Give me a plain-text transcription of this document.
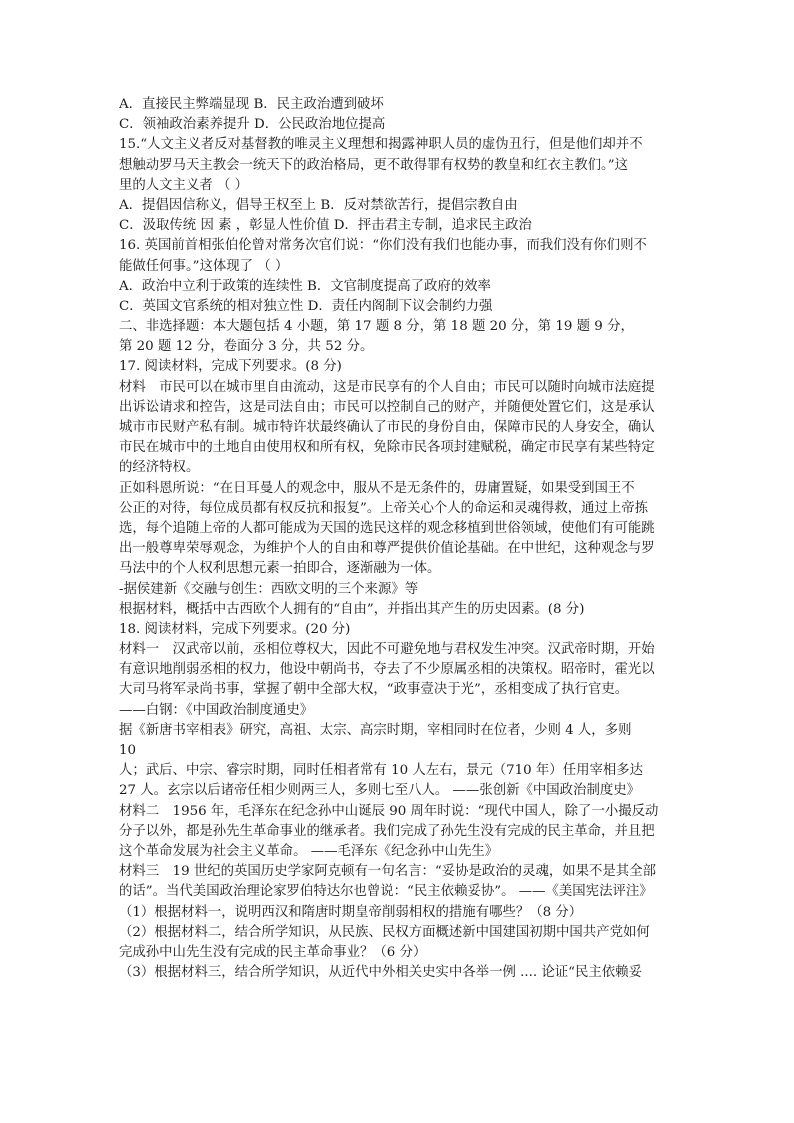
A．直接民主弊端显现 B．民主政治遭到破坏
C．领袖政治素养提升 D．公民政治地位提高
15.“人文主义者反对基督教的唯灵主义理想和揭露神职人员的虚伪丑行，但是他们却并不
想触动罗马天主教会一统天下的政治格局，更不敢得罪有权势的教皇和红衣主教们。”这
里的人文主义者 （ ）
A．提倡因信称义，倡导王权至上 B．反对禁欲苦行，提倡宗教自由
C．汲取传统 因 素 ，彰显人性价值 D．抨击君主专制，追求民主政治
16. 英国前首相张伯伦曾对常务次官们说：“你们没有我们也能办事，而我们没有你们则不
能做任何事。”这体现了 （ ）
A．政治中立利于政策的连续性 B．文官制度提高了政府的效率
C．英国文官系统的相对独立性 D．责任内阁制下议会制约力强
二、非选择题：本大题包括 4 小题，第 17 题 8 分，第 18 题 20 分，第 19 题 9 分，
第 20 题 12 分，卷面分 3 分，共 52 分。
17. 阅读材料，完成下列要求。(8 分)
材料　市民可以在城市里自由流动，这是市民享有的个人自由；市民可以随时向城市法庭提
出诉讼请求和控告，这是司法自由；市民可以控制自己的财产，并随便处置它们，这是承认
城市市民财产私有制。城市特许状最终确认了市民的身份自由，保障市民的人身安全，确认
市民在城市中的土地自由使用权和所有权，免除市民各项封建赋税，确定市民享有某些特定
的经济特权。
正如科恩所说：“在日耳曼人的观念中，服从不是无条件的，毋庸置疑，如果受到国王不
公正的对待，每位成员都有权反抗和报复”。上帝关心个人的命运和灵魂得救，通过上帝拣
选，每个追随上帝的人都可能成为天国的选民这样的观念移植到世俗领域，使他们有可能跳
出一般尊卑荣辱观念，为维护个人的自由和尊严提供价值论基础。在中世纪，这种观念与罗
马法中的个人权利思想元素一拍即合，逐渐融为一体。
-据侯建新《交融与创生：西欧文明的三个来源》等
根据材料，概括中古西欧个人拥有的“自由”，并指出其产生的历史因素。(8 分)
18. 阅读材料，完成下列要求。(20 分)
材料一　汉武帝以前，丞相位尊权大，因此不可避免地与君权发生冲突。汉武帝时期，开始
有意识地削弱丞相的权力，他设中朝尚书，夺去了不少原属丞相的决策权。昭帝时，霍光以
大司马将军录尚书事，掌握了朝中全部大权，“政事壹决于光”，丞相变成了执行官吏。
——白钢：《中国政治制度通史》
据《新唐书宰相表》研究，高祖、太宗、高宗时期，宰相同时在位者，少则 4 人，多则
10
人；武后、中宗、睿宗时期，同时任相者常有 10 人左右，景元（710 年）任用宰相多达
27 人。玄宗以后诸帝任相少则两三人，多则七至八人。 ——张创新《中国政治制度史》
材料二　1956 年，毛泽东在纪念孙中山诞辰 90 周年时说：“现代中国人，除了一小撮反动
分子以外，都是孙先生革命事业的继承者。我们完成了孙先生没有完成的民主革命，并且把
这个革命发展为社会主义革命。 ——毛泽东《纪念孙中山先生》
材料三　19 世纪的英国历史学家阿克顿有一句名言：“妥协是政治的灵魂，如果不是其全部
的话”。当代美国政治理论家罗伯特达尔也曾说：“民主依赖妥协”。 ——《美国宪法评注》
（1）根据材料一，说明西汉和隋唐时期皇帝削弱相权的措施有哪些？（8 分）
（2）根据材料二，结合所学知识，从民族、民权方面概述新中国建国初期中国共产党如何
完成孙中山先生没有完成的民主革命事业？（6 分）
（3）根据材料三，结合所学知识，从近代中外相关史实中各举一例 .... 论证“民主依赖妥
